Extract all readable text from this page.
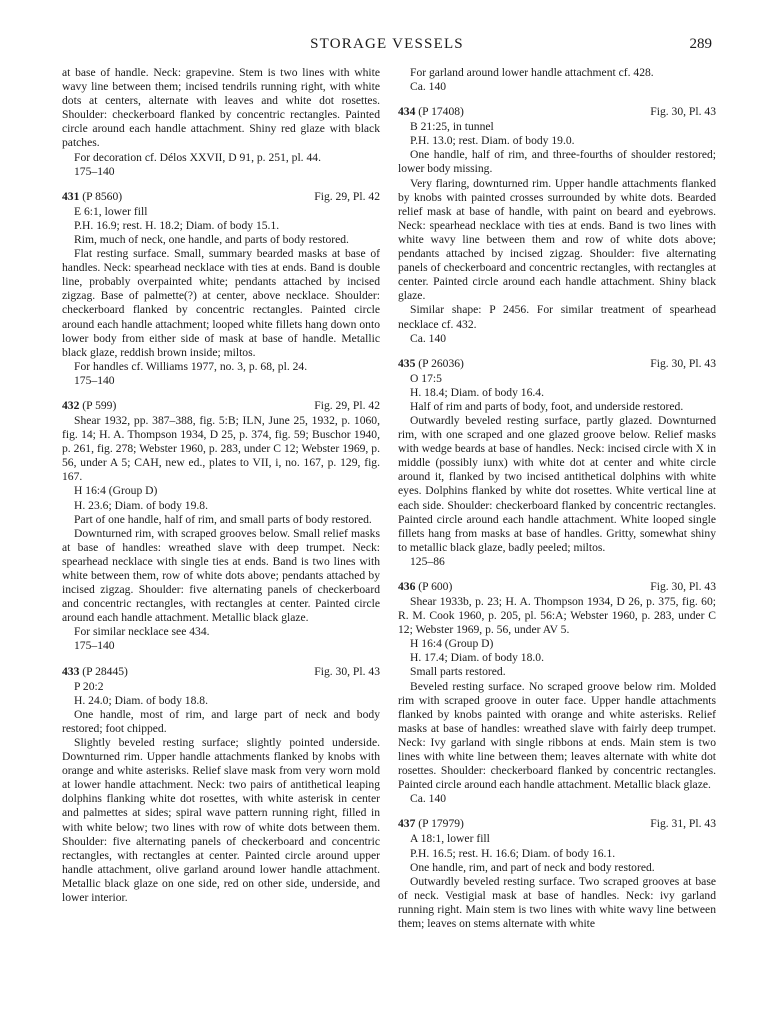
STORAGE VESSELS	289

at base of handle. Neck: grapevine. Stem is two lines with white wavy line between them; incised tendrils running right, with white dots at centers, alternate with leaves and white dot rosettes. Shoulder: checkerboard flanked by concentric rectangles. Painted circle around each handle attachment. Shiny red glaze with black patches.

For decoration cf. Délos XXVII, D 91, p. 251, pl. 44.

175–140

431 (P 8560)	Fig. 29, Pl. 42

E 6:1, lower fill

P.H. 16.9; rest. H. 18.2; Diam. of body 15.1.

Rim, much of neck, one handle, and parts of body restored.

Flat resting surface. Small, summary bearded masks at base of handles. Neck: spearhead necklace with ties at ends. Band is double line, probably overpainted white; pendants attached by incised zigzag. Base of palmette(?) at center, above necklace. Shoulder: checkerboard flanked by concentric rectangles. Painted circle around each handle attachment; looped white fillets hang down onto lower body from either side of mask at base of handle. Metallic black glaze, reddish brown inside; miltos.

For handles cf. Williams 1977, no. 3, p. 68, pl. 24.

175–140

432 (P 599)	Fig. 29, Pl. 42

Shear 1932, pp. 387–388, fig. 5:B; ILN, June 25, 1932, p. 1060, fig. 14; H. A. Thompson 1934, D 25, p. 374, fig. 59; Buschor 1940, p. 261, fig. 278; Webster 1960, p. 283, under C 12; Webster 1969, p. 56, under A 5; CAH, new ed., plates to VII, i, no. 167, p. 129, fig. 167.

H 16:4 (Group D)

H. 23.6; Diam. of body 19.8.

Part of one handle, half of rim, and small parts of body restored.

Downturned rim, with scraped grooves below. Small relief masks at base of handles: wreathed slave with deep trumpet. Neck: spearhead necklace with single ties at ends. Band is two lines with white between them, row of white dots above; pendants attached by incised zigzag. Shoulder: five alternating panels of checkerboard and concentric rectangles, with rectangles at center. Painted circle around each handle attachment. Metallic black glaze.

For similar necklace see 434.

175–140

433 (P 28445)	Fig. 30, Pl. 43

P 20:2

H. 24.0; Diam. of body 18.8.

One handle, most of rim, and large part of neck and body restored; foot chipped.

Slightly beveled resting surface; slightly pointed underside. Downturned rim. Upper handle attachments flanked by knobs with orange and white asterisks. Relief slave mask from very worn mold at lower handle attachment. Neck: two pairs of antithetical leaping dolphins flanking white dot rosettes, with white asterisk in center and palmettes at sides; spiral wave pattern running right, filled in with white below; two lines with row of white dots between them. Shoulder: five alternating panels of checkerboard and concentric rectangles, with rectangles at center. Painted circle around upper handle attachment, olive garland around lower handle attachment. Metallic black glaze on one side, red on other side, underside, and lower interior.

For garland around lower handle attachment cf. 428.

Ca. 140

434 (P 17408)	Fig. 30, Pl. 43

B 21:25, in tunnel

P.H. 13.0; rest. Diam. of body 19.0.

One handle, half of rim, and three-fourths of shoulder restored; lower body missing.

Very flaring, downturned rim. Upper handle attachments flanked by knobs with painted crosses surrounded by white dots. Bearded relief mask at base of handle, with paint on beard and eyebrows. Neck: spearhead necklace with ties at ends. Band is two lines with white wavy line between them and row of white dots above; pendants attached by incised zigzag. Shoulder: five alternating panels of checkerboard and concentric rectangles, with rectangles at center. Painted circle around each handle attachment. Shiny black glaze.

Similar shape: P 2456. For similar treatment of spearhead necklace cf. 432.

Ca. 140

435 (P 26036)	Fig. 30, Pl. 43

O 17:5

H. 18.4; Diam. of body 16.4.

Half of rim and parts of body, foot, and underside restored.

Outwardly beveled resting surface, partly glazed. Downturned rim, with one scraped and one glazed groove below. Relief masks with wedge beards at base of handles. Neck: incised circle with X in middle (possibly iunx) with white dot at center and white circle around it, flanked by two incised antithetical dolphins with white eyes. Dolphins flanked by white dot rosettes. White vertical line at each side. Shoulder: checkerboard flanked by concentric rectangles. Painted circle around each handle attachment. White looped single fillets hang from masks at base of handles. Gritty, somewhat shiny to metallic black glaze, badly peeled; miltos.

125–86

436 (P 600)	Fig. 30, Pl. 43

Shear 1933b, p. 23; H. A. Thompson 1934, D 26, p. 375, fig. 60; R. M. Cook 1960, p. 205, pl. 56:A; Webster 1960, p. 283, under C 12; Webster 1969, p. 56, under AV 5.

H 16:4 (Group D)

H. 17.4; Diam. of body 18.0.

Small parts restored.

Beveled resting surface. No scraped groove below rim. Molded rim with scraped groove in outer face. Upper handle attachments flanked by knobs painted with orange and white asterisks. Relief masks at base of handles: wreathed slave with fairly deep trumpet. Neck: Ivy garland with single ribbons at ends. Main stem is two lines with white line between them; leaves alternate with white dot rosettes. Shoulder: checkerboard flanked by concentric rectangles. Painted circle around each handle attachment. Metallic black glaze.

Ca. 140

437 (P 17979)	Fig. 31, Pl. 43

A 18:1, lower fill

P.H. 16.5; rest. H. 16.6; Diam. of body 16.1.

One handle, rim, and part of neck and body restored.

Outwardly beveled resting surface. Two scraped grooves at base of neck. Vestigial mask at base of handles. Neck: ivy garland running right. Main stem is two lines with white wavy line between them; leaves on stems alternate with white
